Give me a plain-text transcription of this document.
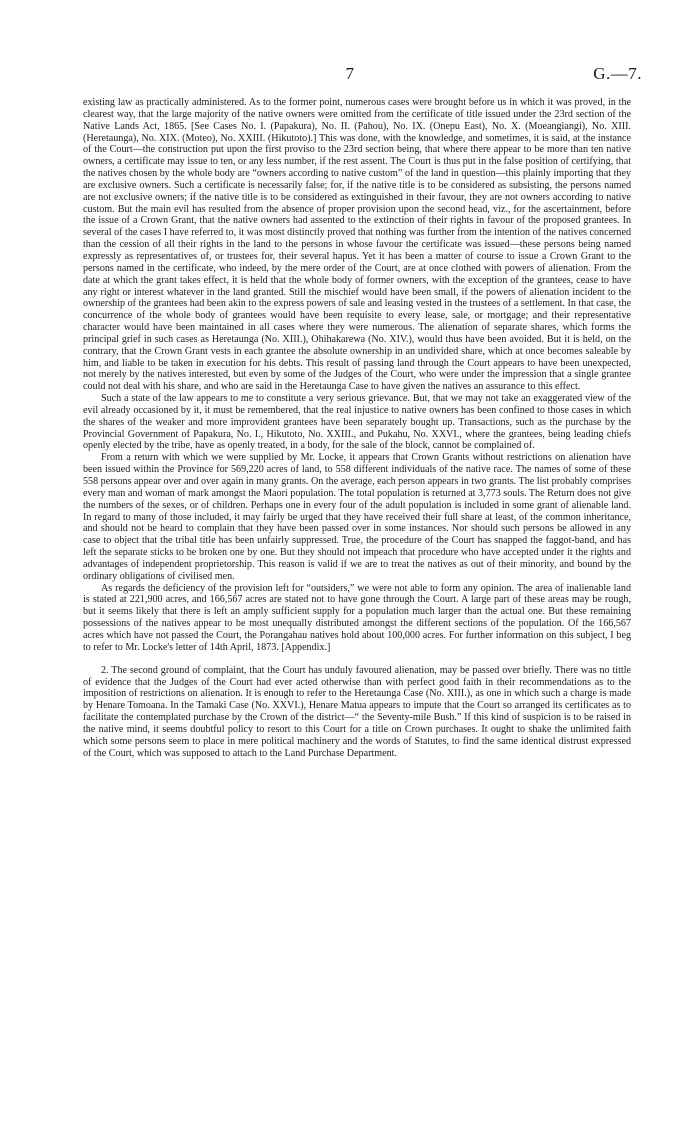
7	G.—7.

existing law as practically administered. As to the former point, numerous cases were brought before us in which it was proved, in the clearest way, that the large majority of the native owners were omitted from the certificate of title issued under the 23rd section of the Native Lands Act, 1865. [See Cases No. I. (Papakura), No. II. (Pahou), No. IX. (Onepu East), No. X. (Moeangiangi), No. XIII. (Heretaunga), No. XIX. (Moteo), No. XXIII. (Hikutoto).] This was done, with the knowledge, and sometimes, it is said, at the instance of the Court—the construction put upon the first proviso to the 23rd section being, that where there appear to be more than ten native owners, a certificate may issue to ten, or any less number, if the rest assent. The Court is thus put in the false position of certifying, that the natives chosen by the whole body are “owners according to native custom” of the land in question—this plainly importing that they are exclusive owners. Such a certificate is necessarily false; for, if the native title is to be considered as subsisting, the persons named are not exclusive owners; if the native title is to be considered as extinguished in their favour, they are not owners according to native custom. But the main evil has resulted from the absence of proper provision upon the second head, viz., for the ascertainment, before the issue of a Crown Grant, that the native owners had assented to the extinction of their rights in favour of the proposed grantees. In several of the cases I have referred to, it was most distinctly proved that nothing was further from the intention of the natives concerned than the cession of all their rights in the land to the persons in whose favour the certificate was issued—these persons being named expressly as representatives of, or trustees for, their several hapus. Yet it has been a matter of course to issue a Crown Grant to the persons named in the certificate, who indeed, by the mere order of the Court, are at once clothed with powers of alienation. From the date at which the grant takes effect, it is held that the whole body of former owners, with the exception of the grantees, cease to have any right or interest whatever in the land granted. Still the mischief would have been small, if the powers of alienation incident to the ownership of the grantees had been akin to the express powers of sale and leasing vested in the trustees of a settlement. In that case, the concurrence of the whole body of grantees would have been requisite to every lease, sale, or mortgage; and their representative character would have been maintained in all cases where they were numerous. The alienation of separate shares, which forms the principal grief in such cases as Heretaunga (No. XIII.), Ohihakarewa (No. XIV.), would thus have been avoided. But it is held, on the contrary, that the Crown Grant vests in each grantee the absolute ownership in an undivided share, which at once becomes saleable by him, and liable to be taken in execution for his debts. This result of passing land through the Court appears to have been unexpected, not merely by the natives interested, but even by some of the Judges of the Court, who were under the impression that a single grantee could not deal with his share, and who are said in the Heretaunga Case to have given the natives an assurance to this effect.

Such a state of the law appears to me to constitute a very serious grievance. But, that we may not take an exaggerated view of the evil already occasioned by it, it must be remembered, that the real injustice to native owners has been confined to those cases in which the shares of the weaker and more improvident grantees have been separately bought up. Transactions, such as the purchase by the Provincial Government of Papakura, No. I., Hikutoto, No. XXIII., and Pukahu, No. XXVI., where the grantees, being leading chiefs openly elected by the tribe, have as openly treated, in a body, for the sale of the block, cannot be complained of.

From a return with which we were supplied by Mr. Locke, it appears that Crown Grants without restrictions on alienation have been issued within the Province for 569,220 acres of land, to 558 different individuals of the native race. The names of some of these 558 persons appear over and over again in many grants. On the average, each person appears in two grants. The list probably comprises every man and woman of mark amongst the Maori population. The total population is returned at 3,773 souls. The Return does not give the numbers of the sexes, or of children. Perhaps one in every four of the adult population is included in some grant of alienable land. In regard to many of those included, it may fairly be urged that they have received their full share at least, of the common inheritance, and should not be heard to complain that they have been passed over in some instances. Nor should such persons be allowed in any case to object that the tribal title has been unfairly suppressed. True, the procedure of the Court has snapped the faggot-band, and has left the separate sticks to be broken one by one. But they should not impeach that procedure who have accepted under it the rights and advantages of independent proprietorship. This reason is valid if we are to treat the natives as out of their minority, and bound by the ordinary obligations of civilised men.

As regards the deficiency of the provision left for “outsiders,” we were not able to form any opinion. The area of inalienable land is stated at 221,900 acres, and 166,567 acres are stated not to have gone through the Court. A large part of these areas may be rough, but it seems likely that there is left an amply sufficient supply for a population much larger than the actual one. But these remaining possessions of the natives appear to be most unequally distributed amongst the different sections of the population. Of the 166,567 acres which have not passed the Court, the Porangahau natives hold about 100,000 acres. For further information on this subject, I beg to refer to Mr. Locke's letter of 14th April, 1873. [Appendix.]

2. The second ground of complaint, that the Court has unduly favoured alienation, may be passed over briefly. There was no tittle of evidence that the Judges of the Court had ever acted otherwise than with perfect good faith in their recommendations as to the imposition of restrictions on alienation. It is enough to refer to the Heretaunga Case (No. XIII.), as one in which such a charge is made by Henare Tomoana. In the Tamaki Case (No. XXVI.), Henare Matua appears to impute that the Court so arranged its certificates as to facilitate the contemplated purchase by the Crown of the district—“ the Seventy-mile Bush.” If this kind of suspicion is to be raised in the native mind, it seems doubtful policy to resort to this Court for a title on Crown purchases. It ought to shake the unlimited faith which some persons seem to place in mere political machinery and the words of Statutes, to find the same identical distrust expressed of the Court, which was supposed to attach to the Land Purchase Department.
